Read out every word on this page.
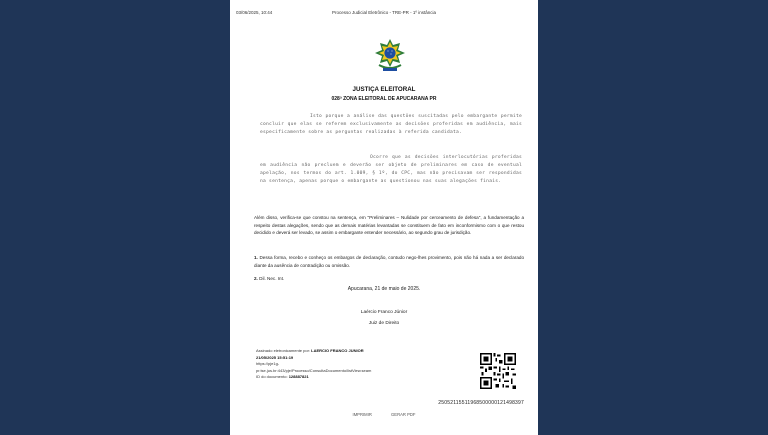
03/06/2025, 10:44	Processo Judicial Eletrônico - TRE-PR - 1º instância
JUSTIÇA ELEITORAL
028ª ZONA ELEITORAL DE APUCARANA PR
Isto porque a análise das questões suscitadas pelo embargante permite concluir que elas se referem exclusivamente as decisões proferidas em audiência, mais especificamente sobre as perguntas realizadas à referida candidata.
Ocorre que as decisões interlocutórias proferidas em audiência não precluem e deverão ser objeto de preliminares em caso de eventual apelação, nos termos do art. 1.009, § 1º, do CPC, mas não precisavam ser respondidas na sentença, apenas porque o embargante as questionou nas suas alegações finais.
Além disso, verifica-se que constou na sentença, em "Preliminares – Nulidade por cerceamento de defesa", a fundamentação a respeito destas alegações, sendo que as demais matérias levantadas se constituem de fato em inconformismo com o que restou decidido e deverá ser levado, se assim o embargante entender necessário, ao segundo grau de jurisdição.
1. Dessa forma, recebo e conheço os embargos de declaração, contudo nego-lhes provimento, pois não há nada a ser declarado diante da ausência de contradição ou omissão.
2. Dil. Nec. Int.
Apucarana, 21 de maio de 2025.
Laércio Franco Júnior
Juiz de Direito
Assinado eletronicamente por: LAERCIO FRANCO JUNIOR
21/05/2025 15:51:19
https://pje1g-
pr.tse.jus.br:443/pje/Processo/ConsultaDocumento/listView.seam
ID do documento: 128887821
25052115511968500000121498397
IMPRIMIR	GERAR PDF
